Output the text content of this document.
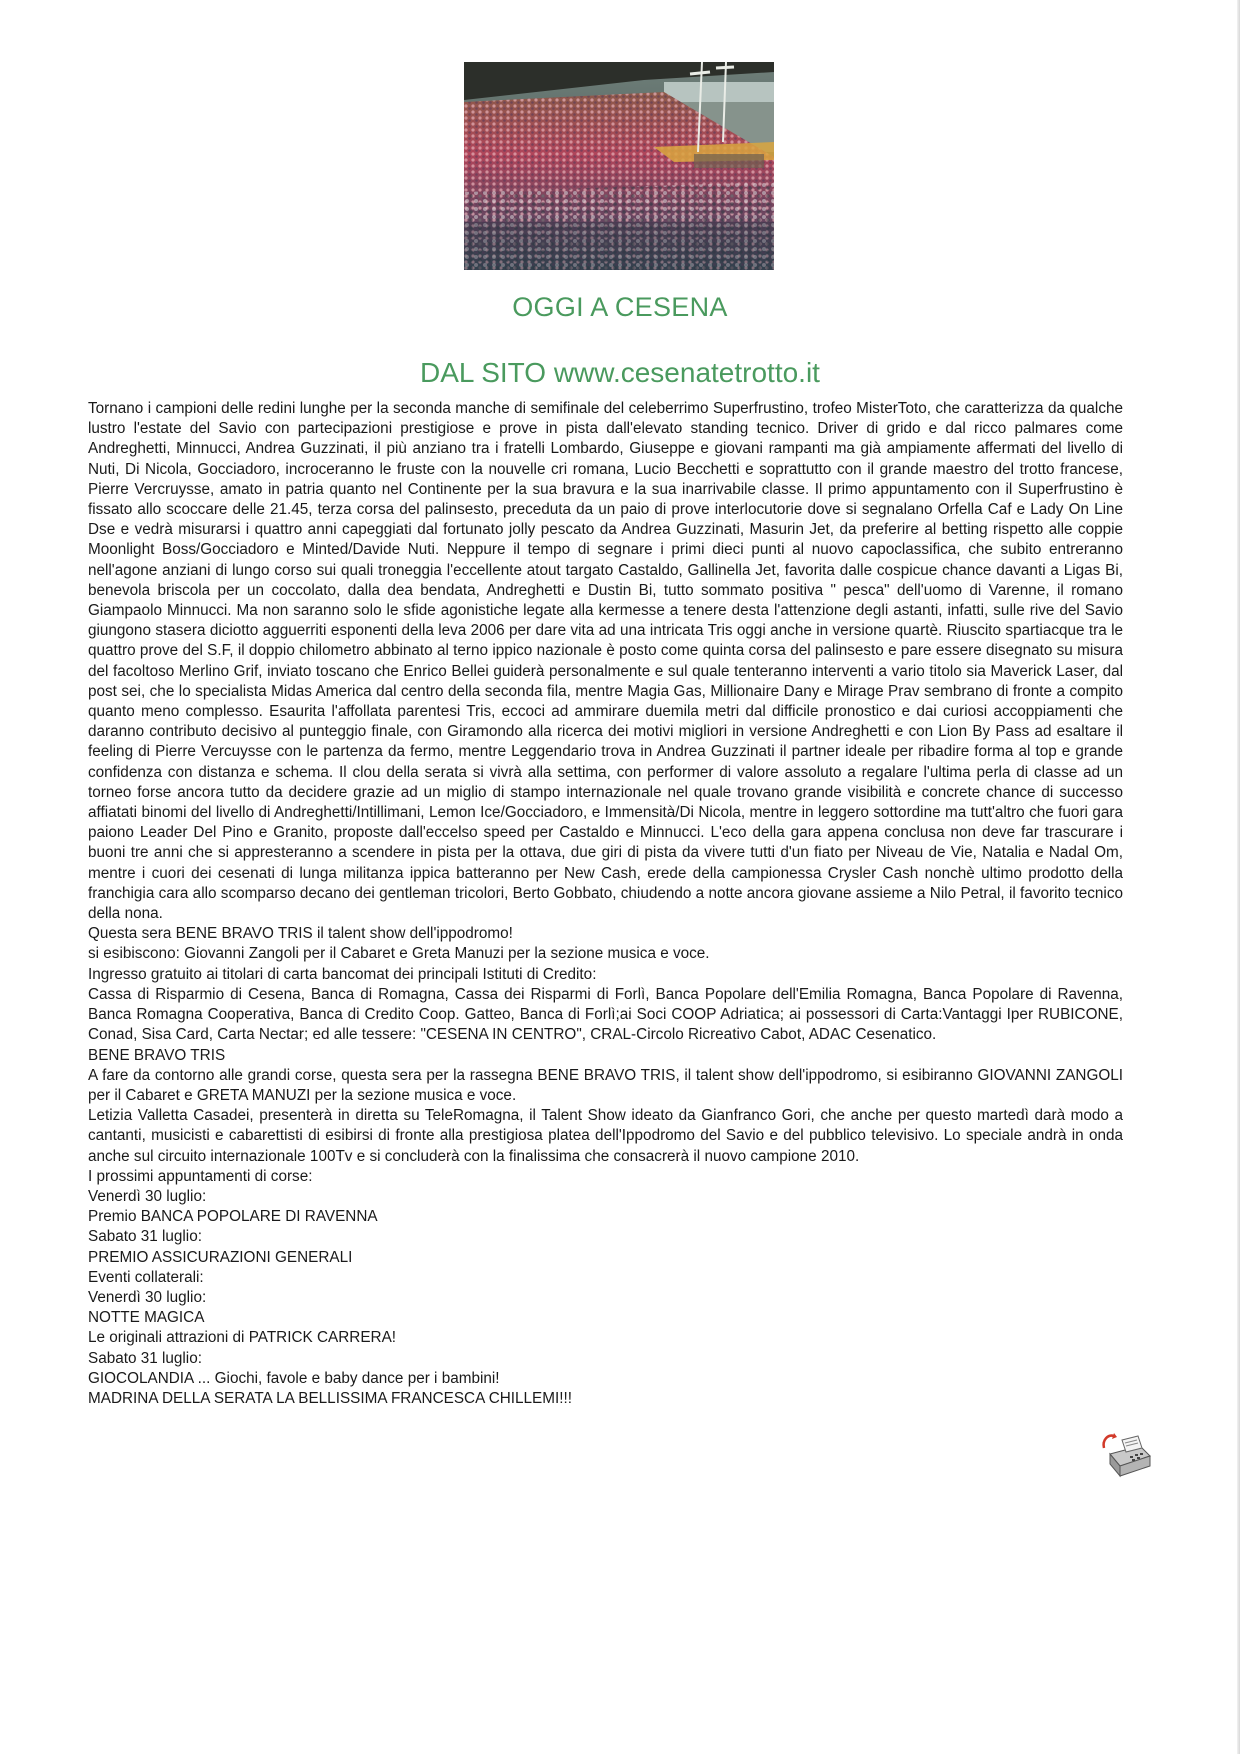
OGGI A CESENA
DAL SITO www.cesenatetrotto.it

Tornano i campioni delle redini lunghe per la seconda manche di semifinale del celeberrimo Superfrustino, trofeo MisterToto, che caratterizza da qualche lustro l'estate del Savio con partecipazioni prestigiose e prove in pista dall'elevato standing tecnico. Driver di grido e dal ricco palmares come Andreghetti, Minnucci, Andrea Guzzinati, il più anziano tra i fratelli Lombardo, Giuseppe e giovani rampanti ma già ampiamente affermati del livello di Nuti, Di Nicola, Gocciadoro, incroceranno le fruste con la nouvelle cri romana, Lucio Becchetti e soprattutto con il grande maestro del trotto francese, Pierre Vercruysse, amato in patria quanto nel Continente per la sua bravura e la sua inarrivabile classe. Il primo appuntamento con il Superfrustino è fissato allo scoccare delle 21.45, terza corsa del palinsesto, preceduta da un paio di prove interlocutorie dove si segnalano Orfella Caf e Lady On Line Dse e vedrà misurarsi i quattro anni capeggiati dal fortunato jolly pescato da Andrea Guzzinati, Masurin Jet, da preferire al betting rispetto alle coppie Moonlight Boss/Gocciadoro e Minted/Davide Nuti. Neppure il tempo di segnare i primi dieci punti al nuovo capoclassifica, che subito entreranno nell'agone anziani di lungo corso sui quali troneggia l'eccellente atout targato Castaldo, Gallinella Jet, favorita dalle cospicue chance davanti a Ligas Bi, benevola briscola per un coccolato, dalla dea bendata, Andreghetti e Dustin Bi, tutto sommato positiva " pesca" dell'uomo di Varenne, il romano Giampaolo Minnucci. Ma non saranno solo le sfide agonistiche legate alla kermesse a tenere desta l'attenzione degli astanti, infatti, sulle rive del Savio giungono stasera diciotto agguerriti esponenti della leva 2006 per dare vita ad una intricata Tris oggi anche in versione quartè. Riuscito spartiacque tra le quattro prove del S.F, il doppio chilometro abbinato al terno ippico nazionale è posto come quinta corsa del palinsesto e pare essere disegnato su misura del facoltoso Merlino Grif, inviato toscano che Enrico Bellei guiderà personalmente e sul quale tenteranno interventi a vario titolo sia Maverick Laser, dal post sei, che lo specialista Midas America dal centro della seconda fila, mentre Magia Gas, Millionaire Dany e Mirage Prav sembrano di fronte a compito quanto meno complesso. Esaurita l'affollata parentesi Tris, eccoci ad ammirare duemila metri dal difficile pronostico e dai curiosi accoppiamenti che daranno contributo decisivo al punteggio finale, con Giramondo alla ricerca dei motivi migliori in versione Andreghetti e con Lion By Pass ad esaltare il feeling di Pierre Vercuysse con le partenza da fermo, mentre Leggendario trova in Andrea Guzzinati il partner ideale per ribadire forma al top e grande confidenza con distanza e schema. Il clou della serata si vivrà alla settima, con performer di valore assoluto a regalare l'ultima perla di classe ad un torneo forse ancora tutto da decidere grazie ad un miglio di stampo internazionale nel quale trovano grande visibilità e concrete chance di successo affiatati binomi del livello di Andreghetti/Intillimani, Lemon Ice/Gocciadoro, e Immensità/Di Nicola, mentre in leggero sottordine ma tutt'altro che fuori gara paiono Leader Del Pino e Granito, proposte dall'eccelso speed per Castaldo e Minnucci. L'eco della gara appena conclusa non deve far trascurare i buoni tre anni che si appresteranno a scendere in pista per la ottava, due giri di pista da vivere tutti d'un fiato per Niveau de Vie, Natalia e Nadal Om, mentre i cuori dei cesenati di lunga militanza ippica batteranno per New Cash, erede della campionessa Crysler Cash nonchè ultimo prodotto della franchigia cara allo scomparso decano dei gentleman tricolori, Berto Gobbato, chiudendo a notte ancora giovane assieme a Nilo Petral, il favorito tecnico della nona.

Questa sera BENE BRAVO TRIS il talent show dell'ippodromo!

si esibiscono: Giovanni Zangoli per il Cabaret e Greta Manuzi per la sezione musica e voce.

Ingresso gratuito ai titolari di carta bancomat dei principali Istituti di Credito:

Cassa di Risparmio di Cesena, Banca di Romagna, Cassa dei Risparmi di Forlì, Banca Popolare dell'Emilia Romagna, Banca Popolare di Ravenna, Banca Romagna Cooperativa, Banca di Credito Coop. Gatteo, Banca di Forlì;ai Soci COOP Adriatica; ai possessori di Carta:Vantaggi Iper RUBICONE, Conad, Sisa Card, Carta Nectar; ed alle tessere: "CESENA IN CENTRO", CRAL-Circolo Ricreativo Cabot, ADAC Cesenatico.

BENE BRAVO TRIS

A fare da contorno alle grandi corse, questa sera per la rassegna BENE BRAVO TRIS, il talent show dell'ippodromo, si esibiranno GIOVANNI ZANGOLI per il Cabaret e GRETA MANUZI per la sezione musica e voce.

Letizia Valletta Casadei, presenterà in diretta su TeleRomagna, il Talent Show ideato da Gianfranco Gori, che anche per questo martedì darà modo a cantanti, musicisti e cabarettisti di esibirsi di fronte alla prestigiosa platea dell'Ippodromo del Savio e del pubblico televisivo. Lo speciale andrà in onda anche sul circuito internazionale 100Tv e si concluderà con la finalissima che consacrerà il nuovo campione 2010.

I prossimi appuntamenti di corse:

Venerdì 30 luglio:

Premio BANCA POPOLARE DI RAVENNA

Sabato 31 luglio:

PREMIO ASSICURAZIONI GENERALI

Eventi collaterali:

Venerdì 30 luglio:

NOTTE MAGICA

Le originali attrazioni di PATRICK CARRERA!

Sabato 31 luglio:

GIOCOLANDIA ... Giochi, favole e baby dance per i bambini!

MADRINA DELLA SERATA LA BELLISSIMA FRANCESCA CHILLEMI!!!
